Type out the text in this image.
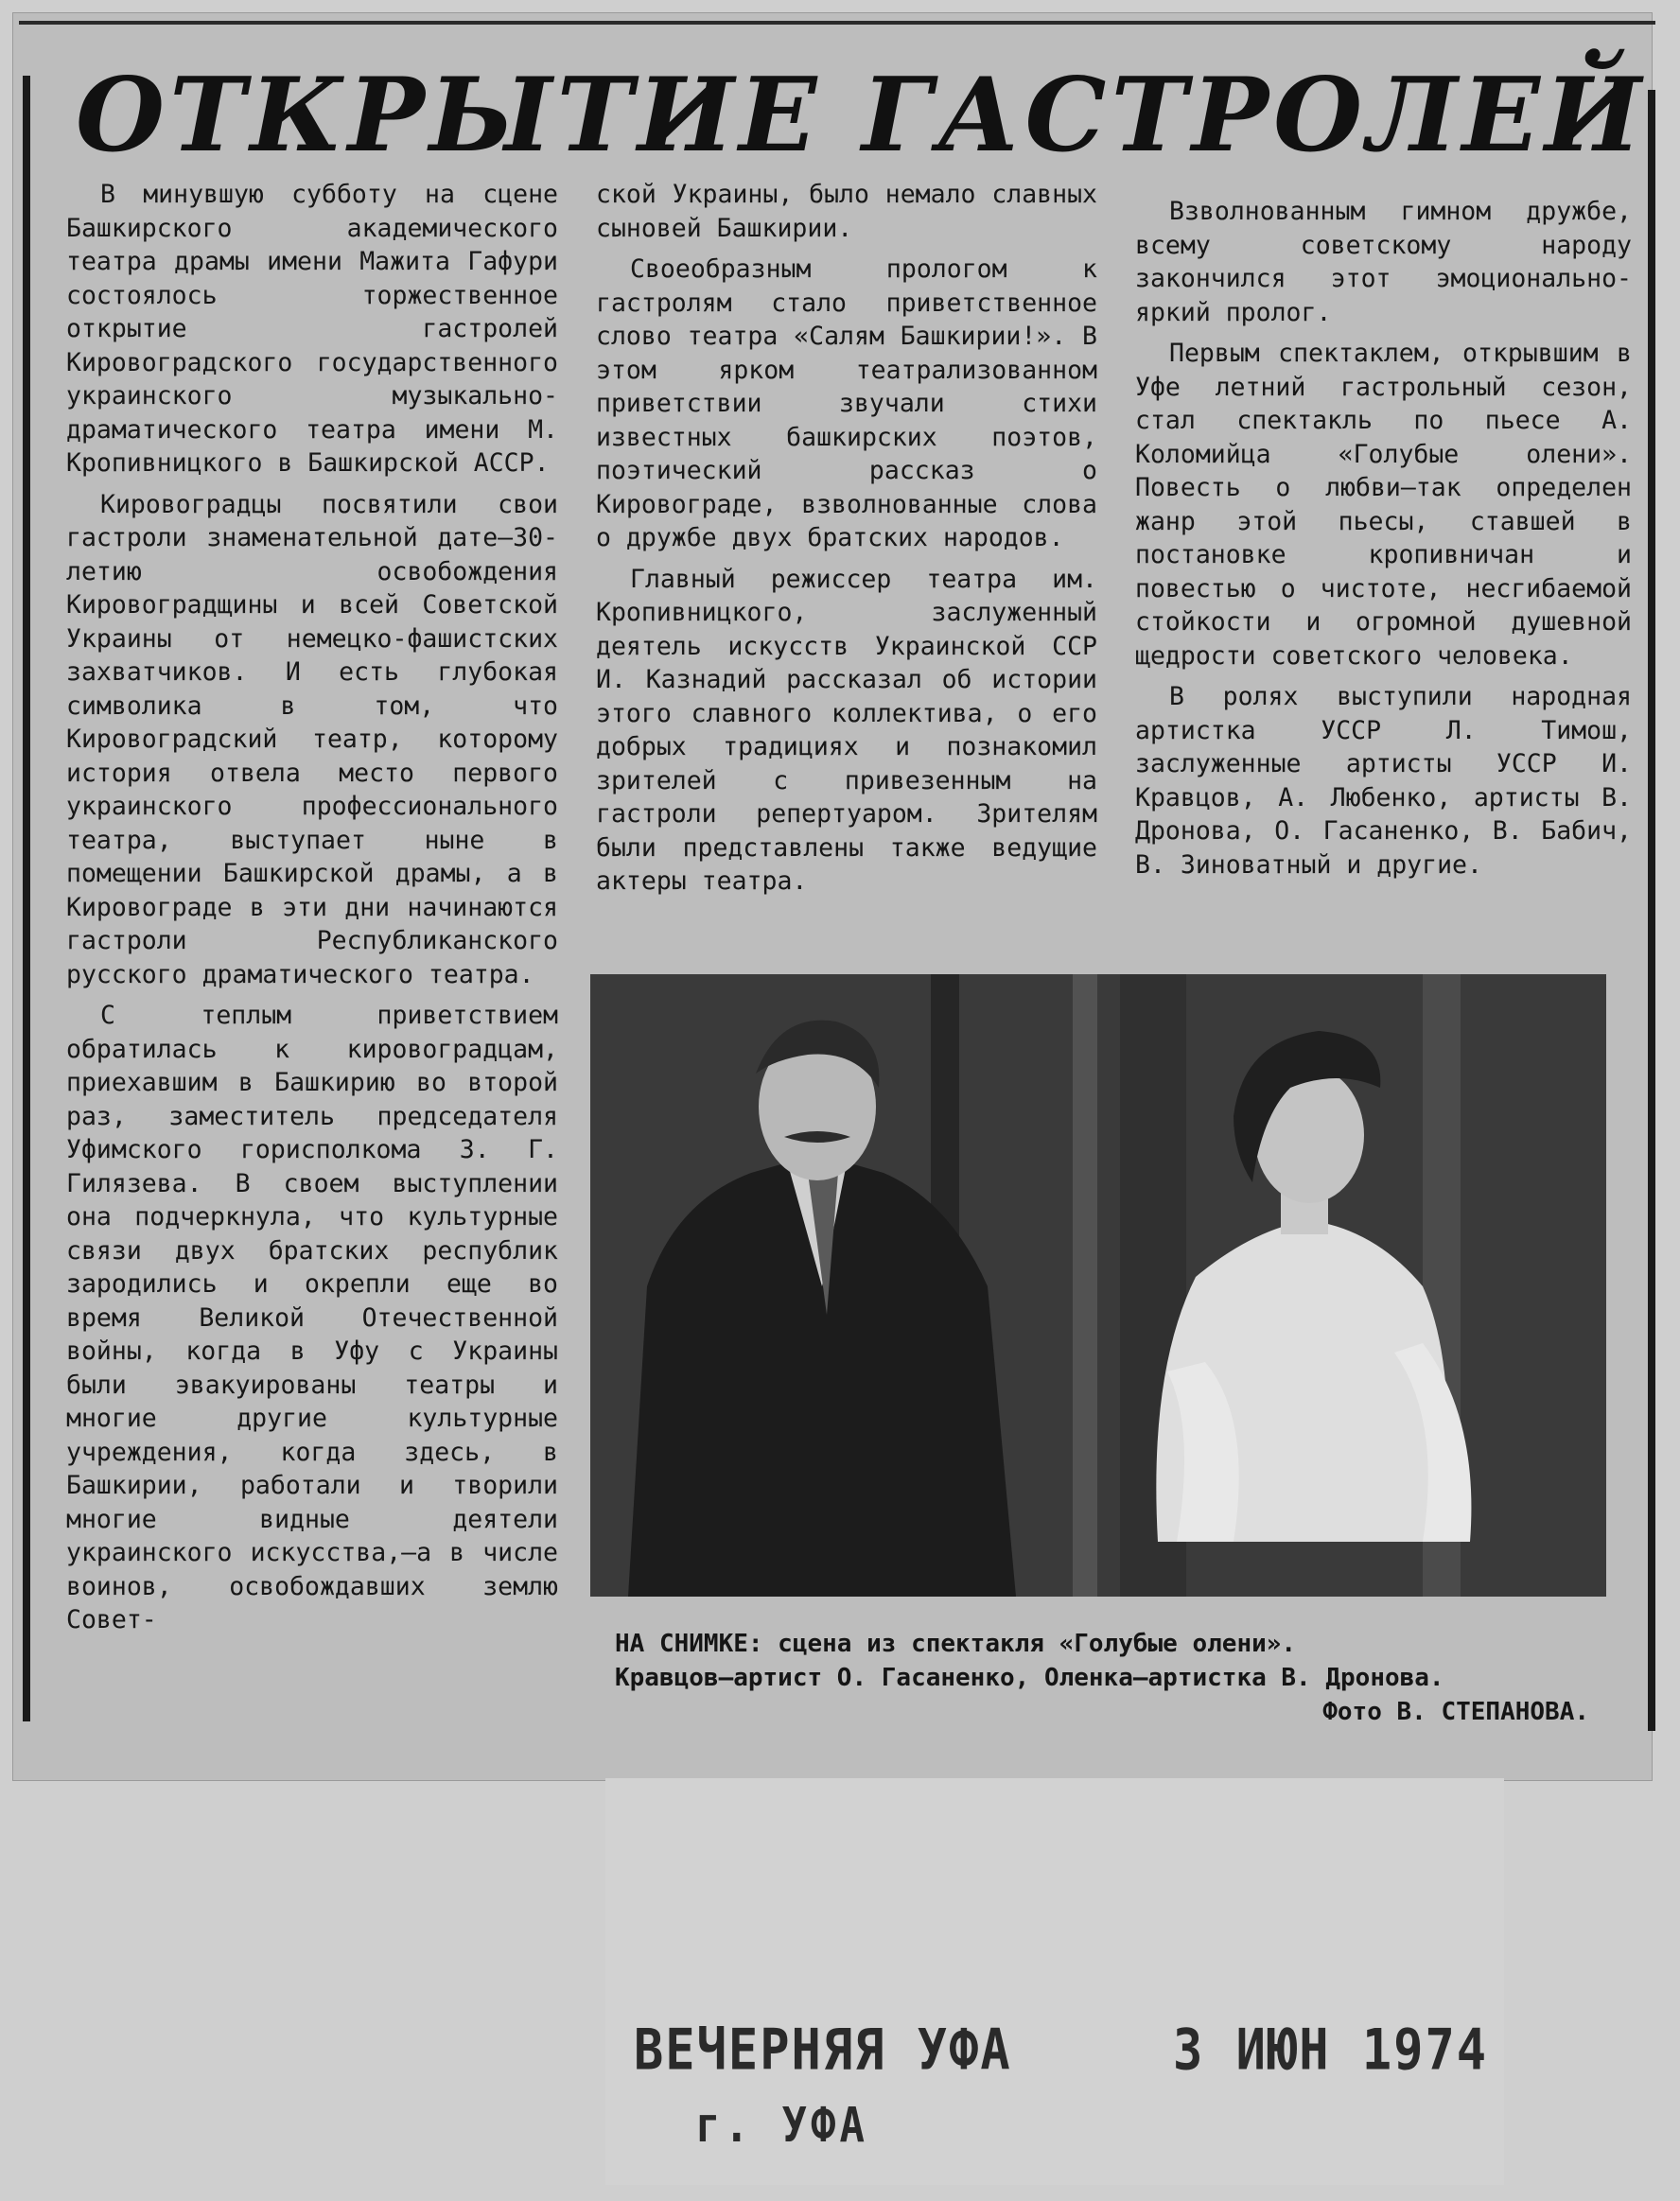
ОТКРЫТИЕ ГАСТРОЛЕЙ

В минувшую субботу на сцене Башкирского академического театра драмы имени Мажита Гафури состоялось торжественное открытие гастролей Кировоградского государственного украинского музыкально-драматического театра имени М. Кропивницкого в Башкирской АССР.

Кировоградцы посвятили свои гастроли знаменательной дате—30-летию освобождения Кировоградщины и всей Советской Украины от немецко-фашистских захватчиков. И есть глубокая символика в том, что Кировоградский театр, которому история отвела место первого украинского профессионального театра, выступает ныне в помещении Башкирской драмы, а в Кировограде в эти дни начинаются гастроли Республиканского русского драматического театра.

С теплым приветствием обратилась к кировоградцам, приехавшим в Башкирию во второй раз, заместитель председателя Уфимского горисполкома З. Г. Гилязева. В своем выступлении она подчеркнула, что культурные связи двух братских республик зародились и окрепли еще во время Великой Отечественной войны, когда в Уфу с Украины были эвакуированы театры и многие другие культурные учреждения, когда здесь, в Башкирии, работали и творили многие видные деятели украинского искусства,—а в числе воинов, освобождавших землю Совет-

ской Украины, было немало славных сыновей Башкирии.

Своеобразным прологом к гастролям стало приветственное слово театра «Салям Башкирии!». В этом ярком театрализованном приветствии звучали стихи известных башкирских поэтов, поэтический рассказ о Кировограде, взволнованные слова о дружбе двух братских народов.

Главный режиссер театра им. Кропивницкого, заслуженный деятель искусств Украинской ССР И. Казнадий рассказал об истории этого славного коллектива, о его добрых традициях и познакомил зрителей с привезенным на гастроли репертуаром. Зрителям были представлены также ведущие актеры театра.

Взволнованным гимном дружбе, всему советскому народу закончился этот эмоционально-яркий пролог.

Первым спектаклем, открывшим в Уфе летний гастрольный сезон, стал спектакль по пьесе А. Коломийца «Голубые олени». Повесть о любви—так определен жанр этой пьесы, ставшей в постановке кропивничан и повестью о чистоте, несгибаемой стойкости и огромной душевной щедрости советского человека.

В ролях выступили народная артистка УССР Л. Тимош, заслуженные артисты УССР И. Кравцов, А. Любенко, артисты В. Дронова, О. Гасаненко, В. Бабич, В. Зиноватный и другие.

НА СНИМКЕ: сцена из спектакля «Голубые олени».
Кравцов—артист О. Гасаненко, Оленка—артистка В. Дронова.
Фото В. СТЕПАНОВА.
ВЕЧЕРНЯЯ УФА	3 ИЮН 1974
г. УФА
